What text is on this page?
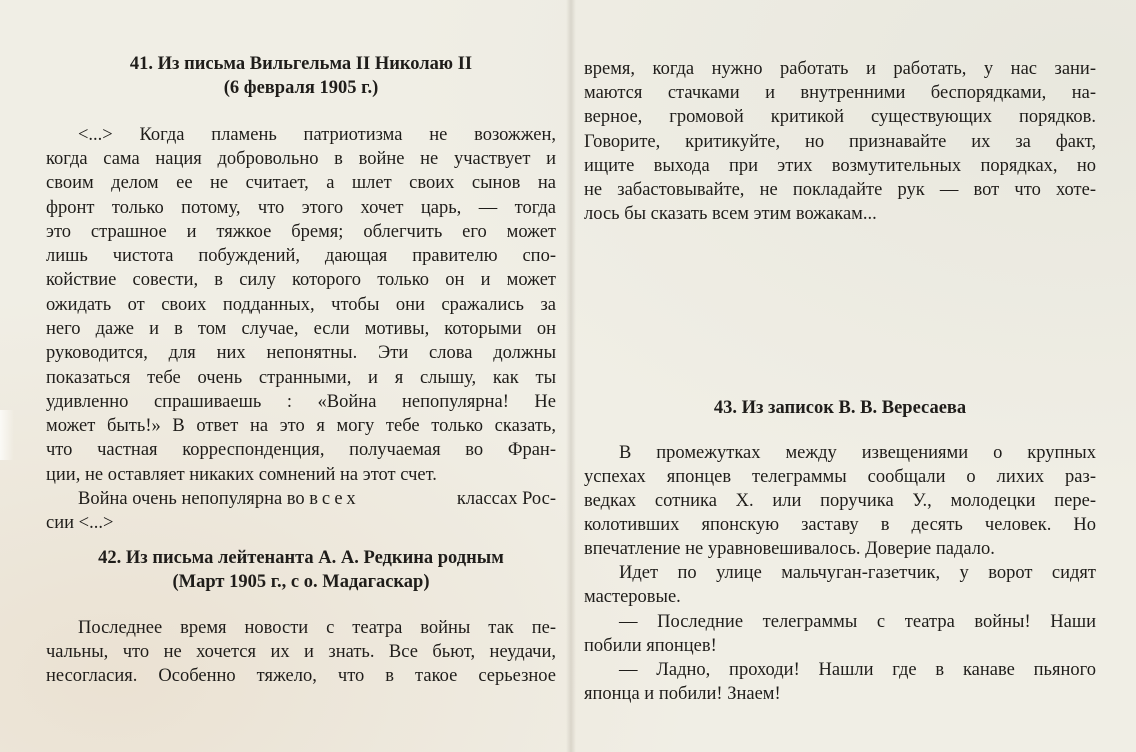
41. Из письма Вильгельма II Николаю II
(6 февраля 1905 г.)
<...> Когда пламень патриотизма не возожжен,
когда сама нация добровольно в войне не участвует и
своим делом ее не считает, а шлет своих сынов на
фронт только потому, что этого хочет царь, — тогда
это страшное и тяжкое бремя; облегчить его может
лишь чистота побуждений, дающая правителю спо-
койствие совести, в силу которого только он и может
ожидать от своих подданных, чтобы они сражались за
него даже и в том случае, если мотивы, которыми он
руководится, для них непонятны. Эти слова должны
показаться тебе очень странными, и я слышу, как ты
удивленно спрашиваешь : «Война непопулярна! Не
может быть!» В ответ на это я могу тебе только сказать,
что частная корреспонденция, получаемая во Фран-
ции, не оставляет никаких сомнений на этот счет.
Война очень непопулярна во всех	классах Рос-
сии <...>
42. Из письма лейтенанта А. А. Редкина родным
(Март 1905 г., с о. Мадагаскар)
Последнее время новости с театра войны так пе-
чальны, что не хочется их и знать. Все бьют, неудачи,
несогласия. Особенно тяжело, что в такое серьезное
время, когда нужно работать и работать, у нас зани-
маются стачками и внутренними беспорядками, на-
верное, громовой критикой существующих порядков.
Говорите, критикуйте, но признавайте их за факт,
ищите выхода при этих возмутительных порядках, но
не забастовывайте, не покладайте рук — вот что хоте-
лось бы сказать всем этим вожакам...
43. Из записок В. В. Вересаева
В промежутках между извещениями о крупных
успехах японцев телеграммы сообщали о лихих раз-
ведках сотника X. или поручика У., молодецки пере-
колотивших японскую заставу в десять человек. Но
впечатление не уравновешивалось. Доверие падало.
Идет по улице мальчуган-газетчик, у ворот сидят
мастеровые.
— Последние телеграммы с театра войны! Наши
побили японцев!
— Ладно, проходи! Нашли где в канаве пьяного
японца и побили! Знаем!
